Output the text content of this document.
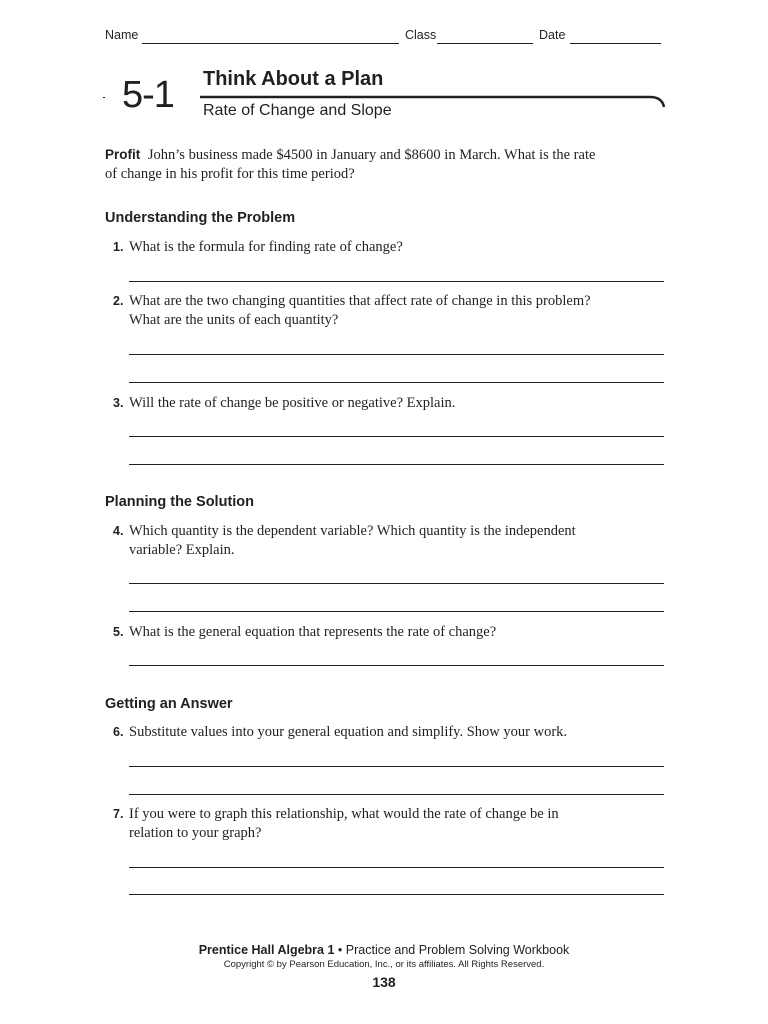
Name	Class	Date
5-1 Think About a Plan
Rate of Change and Slope
Profit John’s business made $4500 in January and $8600 in March. What is the rate of change in his profit for this time period?
Understanding the Problem
1. What is the formula for finding rate of change?
2. What are the two changing quantities that affect rate of change in this problem? What are the units of each quantity?
3. Will the rate of change be positive or negative? Explain.
Planning the Solution
4. Which quantity is the dependent variable? Which quantity is the independent variable? Explain.
5. What is the general equation that represents the rate of change?
Getting an Answer
6. Substitute values into your general equation and simplify. Show your work.
7. If you were to graph this relationship, what would the rate of change be in relation to your graph?
Prentice Hall Algebra 1 • Practice and Problem Solving Workbook
Copyright © by Pearson Education, Inc., or its affiliates. All Rights Reserved.
138
